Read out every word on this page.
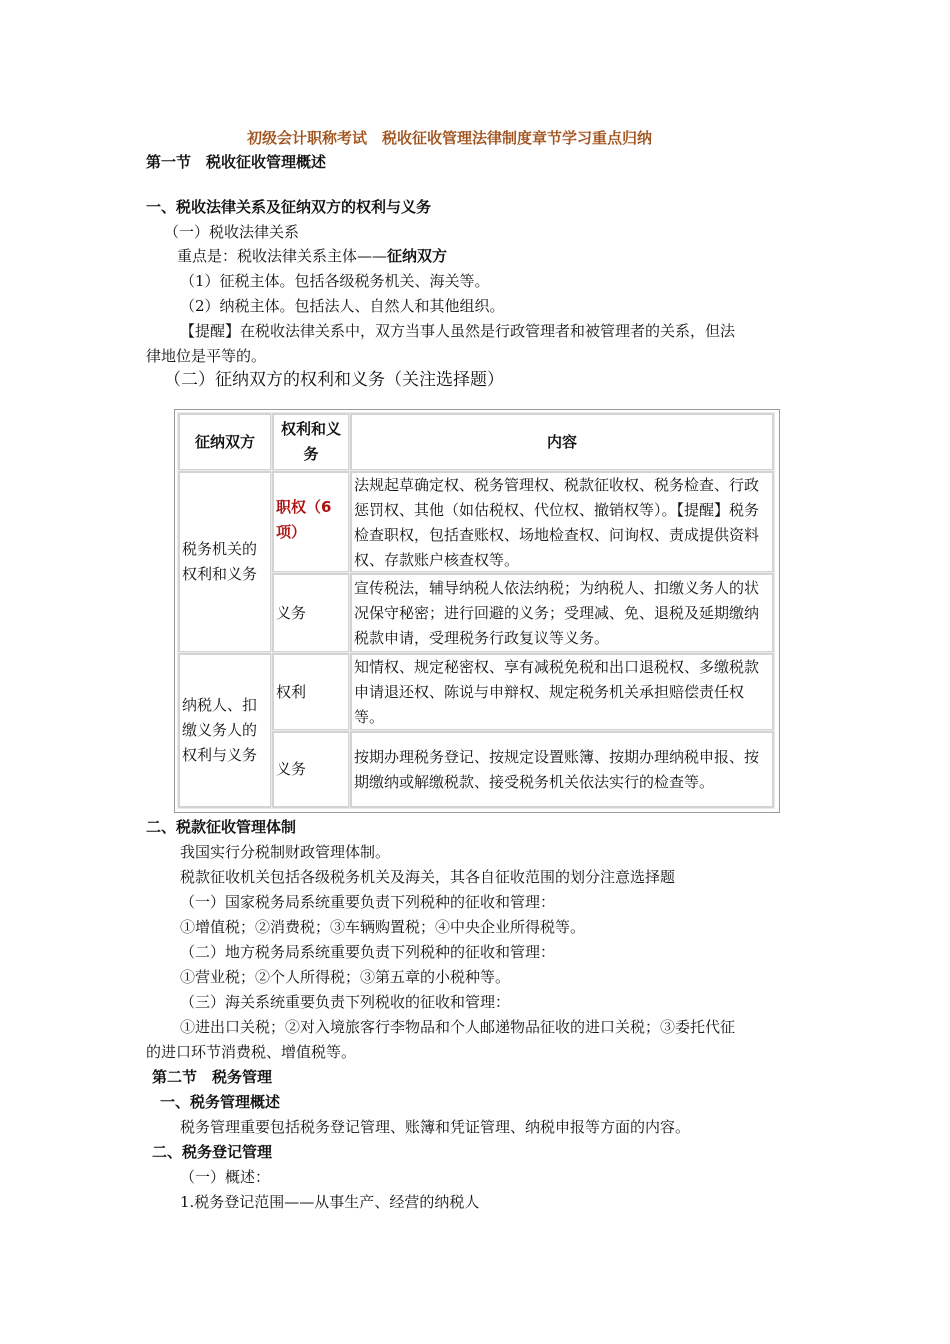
初级会计职称考试　税收征收管理法律制度章节学习重点归纳
第一节　税收征收管理概述
一、税收法律关系及征纳双方的权利与义务
（一）税收法律关系
重点是：税收法律关系主体——征纳双方
（1）征税主体。包括各级税务机关、海关等。
（2）纳税主体。包括法人、自然人和其他组织。
【提醒】在税收法律关系中，双方当事人虽然是行政管理者和被管理者的关系，但法
律地位是平等的。
（二）征纳双方的权利和义务（关注选择题）
征纳双方
权利和义务
内容
税务机关的权利和义务
职权（6项）
法规起草确定权、税务管理权、税款征收权、税务检查、行政惩罚权、其他（如估税权、代位权、撤销权等）。【提醒】税务检查职权，包括查账权、场地检查权、问询权、责成提供资料权、存款账户核查权等。
义务
宣传税法，辅导纳税人依法纳税；为纳税人、扣缴义务人的状况保守秘密；进行回避的义务；受理减、免、退税及延期缴纳税款申请，受理税务行政复议等义务。
纳税人、扣缴义务人的权利与义务
权利
知情权、规定秘密权、享有减税免税和出口退税权、多缴税款申请退还权、陈说与申辩权、规定税务机关承担赔偿责任权等。
义务
按期办理税务登记、按规定设置账簿、按期办理纳税申报、按期缴纳或解缴税款、接受税务机关依法实行的检查等。
二、税款征收管理体制
我国实行分税制财政管理体制。
税款征收机关包括各级税务机关及海关，其各自征收范围的划分注意选择题
（一）国家税务局系统重要负责下列税种的征收和管理：
①增值税；②消费税；③车辆购置税；④中央企业所得税等。
（二）地方税务局系统重要负责下列税种的征收和管理：
①营业税；②个人所得税；③第五章的小税种等。
（三）海关系统重要负责下列税收的征收和管理：
①进出口关税；②对入境旅客行李物品和个人邮递物品征收的进口关税；③委托代征
的进口环节消费税、增值税等。
第二节　税务管理
一、税务管理概述
税务管理重要包括税务登记管理、账簿和凭证管理、纳税申报等方面的内容。
二、税务登记管理
（一）概述：
1.税务登记范围——从事生产、经营的纳税人
